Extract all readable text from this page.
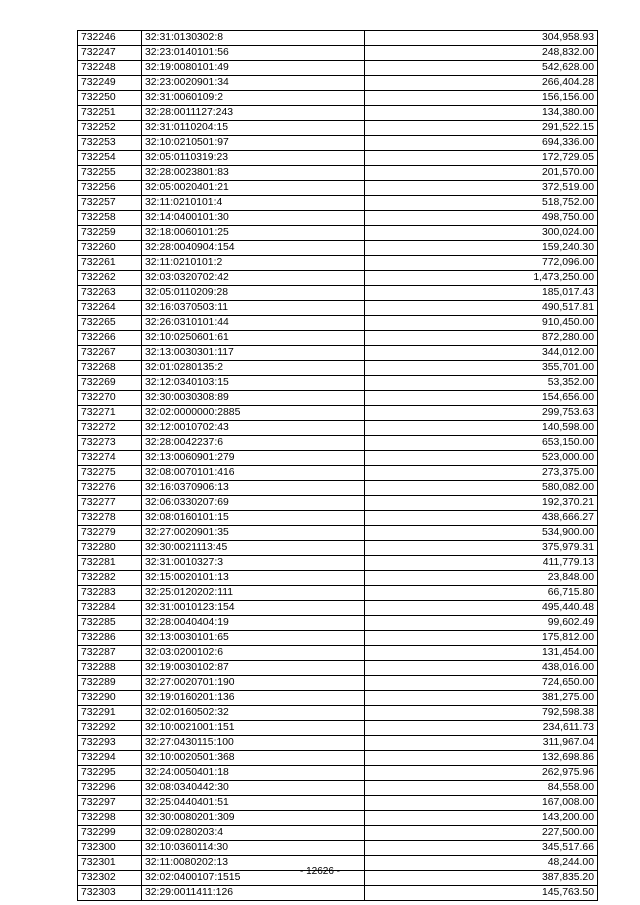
732246	32:31:0130302:8	304,958.93
732247	32:23:0140101:56	248,832.00
732248	32:19:0080101:49	542,628.00
732249	32:23:0020901:34	266,404.28
732250	32:31:0060109:2	156,156.00
732251	32:28:0011127:243	134,380.00
732252	32:31:0110204:15	291,522.15
732253	32:10:0210501:97	694,336.00
732254	32:05:0110319:23	172,729.05
732255	32:28:0023801:83	201,570.00
732256	32:05:0020401:21	372,519.00
732257	32:11:0210101:4	518,752.00
732258	32:14:0400101:30	498,750.00
732259	32:18:0060101:25	300,024.00
732260	32:28:0040904:154	159,240.30
732261	32:11:0210101:2	772,096.00
732262	32:03:0320702:42	1,473,250.00
732263	32:05:0110209:28	185,017.43
732264	32:16:0370503:11	490,517.81
732265	32:26:0310101:44	910,450.00
732266	32:10:0250601:61	872,280.00
732267	32:13:0030301:117	344,012.00
732268	32:01:0280135:2	355,701.00
732269	32:12:0340103:15	53,352.00
732270	32:30:0030308:89	154,656.00
732271	32:02:0000000:2885	299,753.63
732272	32:12:0010702:43	140,598.00
732273	32:28:0042237:6	653,150.00
732274	32:13:0060901:279	523,000.00
732275	32:08:0070101:416	273,375.00
732276	32:16:0370906:13	580,082.00
732277	32:06:0330207:69	192,370.21
732278	32:08:0160101:15	438,666.27
732279	32:27:0020901:35	534,900.00
732280	32:30:0021113:45	375,979.31
732281	32:31:0010327:3	411,779.13
732282	32:15:0020101:13	23,848.00
732283	32:25:0120202:111	66,715.80
732284	32:31:0010123:154	495,440.48
732285	32:28:0040404:19	99,602.49
732286	32:13:0030101:65	175,812.00
732287	32:03:0200102:6	131,454.00
732288	32:19:0030102:87	438,016.00
732289	32:27:0020701:190	724,650.00
732290	32:19:0160201:136	381,275.00
732291	32:02:0160502:32	792,598.38
732292	32:10:0021001:151	234,611.73
732293	32:27:0430115:100	311,967.04
732294	32:10:0020501:368	132,698.86
732295	32:24:0050401:18	262,975.96
732296	32:08:0340442:30	84,558.00
732297	32:25:0440401:51	167,008.00
732298	32:30:0080201:309	143,200.00
732299	32:09:0280203:4	227,500.00
732300	32:10:0360114:30	345,517.66
732301	32:11:0080202:13	48,244.00
732302	32:02:0400107:1515	387,835.20
732303	32:29:0011411:126	145,763.50
- 12626 -
